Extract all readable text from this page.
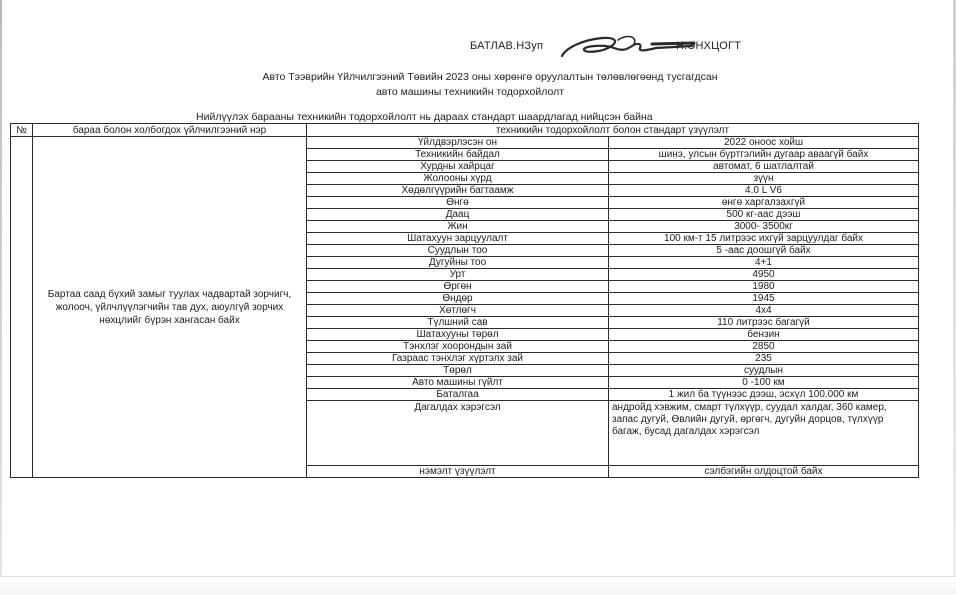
БАТЛАВ.НЗуп	Н.ЭНХЦОГТ
Авто Тээврийн Үйлчилгээний Төвийн 2023 оны хөрөнгө оруулалтын төлөвлөгөөнд тусгагдсан
авто машины техникийн тодорхойлолт
Нийлүүлэх барааны техникийн тодорхойлолт нь дараах стандарт шаардлагад нийцсэн байна
№	бараа болон холбогдох үйлчилгээний нэр	техникийн тодорхойлолт болон стандарт үзүүлэлт	
	Бартаа саад бүхий замыг туулах чадвартай зорчигч, жолооч, үйлчлүүлэгчийн тав дух, аюулгүй зорчих нөхцлийг бүрэн хангасан байх	Үйлдвэрлэсэн он	2022 оноос хойш
		Техникийн байдал	шинэ, улсын бүртгэлийн дугаар аваагүй байх
		Хурдны хайрцаг	автомат, 6 шатлалтай
		Жолооны хүрд	зүүн
		Хөдөлгүүрийн багтаамж	4.0 L V6
		Өнгө	өнгө харгалзахгүй
		Даац	500 кг-аас дээш
		Жин	3000- 3500кг
		Шатахуун зарцуулалт	100 км-т 15 литрээс ихгүй зарцуулдаг байх
		Суудлын тоо	5 -аас доошгүй байх
		Дугуйны тоо	4+1
		Урт	4950
		Өргөн	1980
		Өндөр	1945
		Хөтлөгч	4x4
		Түлшний сав	110 литрээс багагүй
		Шатахууны төрөл	бензин
		Тэнхлэг хоорондын зай	2850
		Газраас тэнхлэг хүртэлх зай	235
		Төрөл	суудлын
		Авто машины гүйлт	0 -100 км
		Баталгаа	1 жил ба түүнээс дээш, эсхүл 100.000 км
		Дагалдах хэрэгсэл	андройд хэвжим, смарт түлхүүр, суудал халдаг, 360 камер, запас дугуй, Өвлийн дугуй, өргөгч, дугуйн дорцов, түлхүүр багаж, бусад дагалдах хэрэгсэл
		нэмэлт үзүүлэлт	сэлбэгийн олдоцтой байх
